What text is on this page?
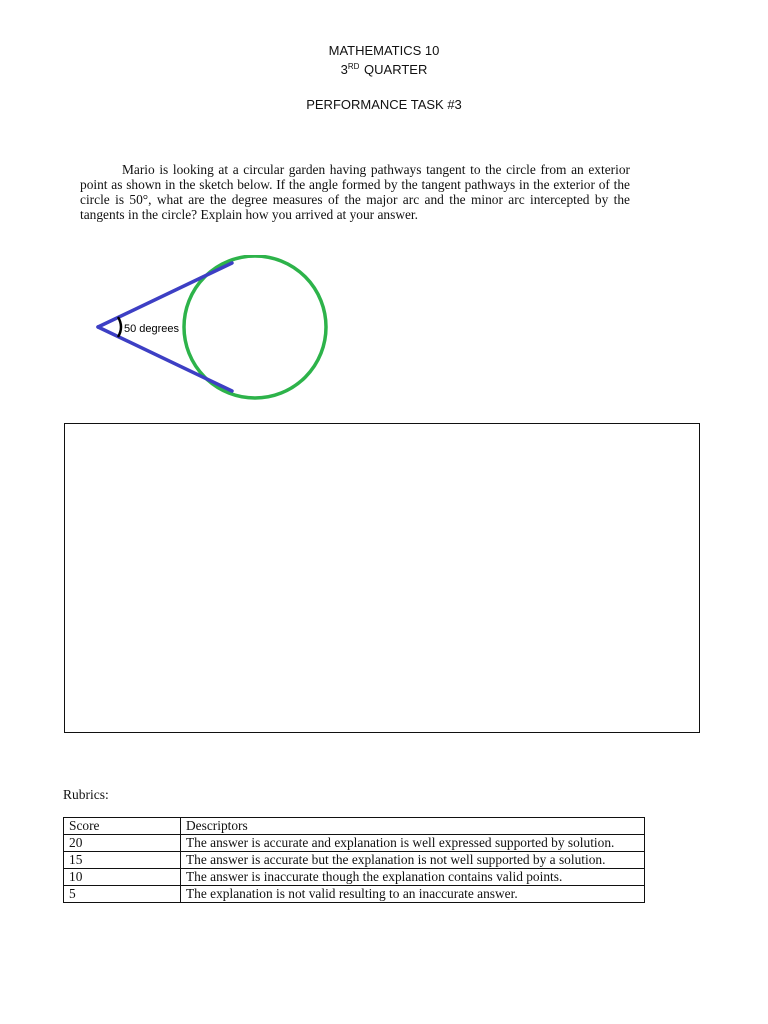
MATHEMATICS 10
3RD QUARTER
PERFORMANCE TASK #3
Mario is looking at a circular garden having pathways tangent to the circle from an exterior point as shown in the sketch below. If the angle formed by the tangent pathways in the exterior of the circle is 50°, what are the degree measures of the major arc and the minor arc intercepted by the tangents in the circle? Explain how you arrived at your answer.
50 degrees
Rubrics:
Score	Descriptors
20	The answer is accurate and explanation is well expressed supported by solution.
15	The answer is accurate but the explanation is not well supported by a solution.
10	The answer is inaccurate though the explanation contains valid points.
5	The explanation is not valid resulting to an inaccurate answer.
